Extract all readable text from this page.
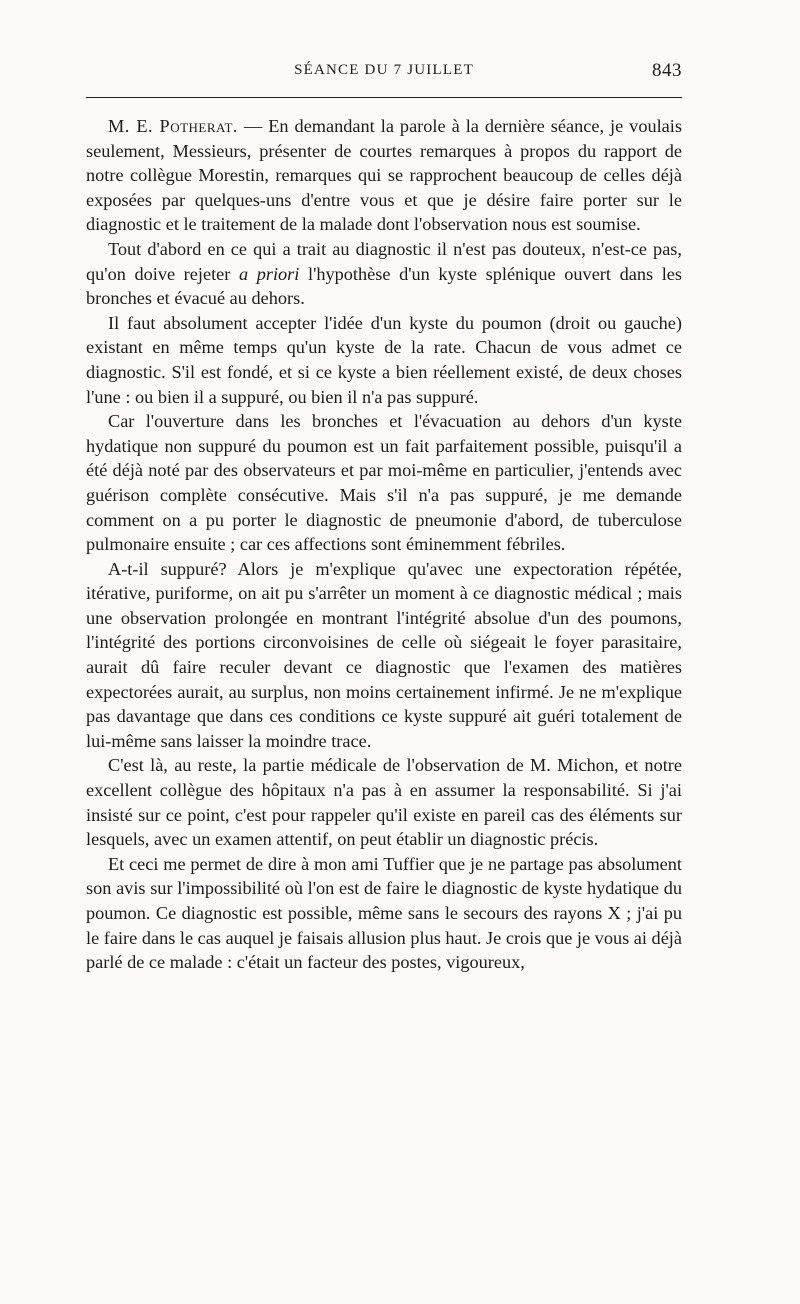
SÉANCE DU 7 JUILLET	843

M. E. Potherat. — En demandant la parole à la dernière séance, je voulais seulement, Messieurs, présenter de courtes remarques à propos du rapport de notre collègue Morestin, remarques qui se rapprochent beaucoup de celles déjà exposées par quelques-uns d'entre vous et que je désire faire porter sur le diagnostic et le traitement de la malade dont l'observation nous est soumise.

Tout d'abord en ce qui a trait au diagnostic il n'est pas douteux, n'est-ce pas, qu'on doive rejeter a priori l'hypothèse d'un kyste splénique ouvert dans les bronches et évacué au dehors.

Il faut absolument accepter l'idée d'un kyste du poumon (droit ou gauche) existant en même temps qu'un kyste de la rate. Chacun de vous admet ce diagnostic. S'il est fondé, et si ce kyste a bien réellement existé, de deux choses l'une : ou bien il a suppuré, ou bien il n'a pas suppuré.

Car l'ouverture dans les bronches et l'évacuation au dehors d'un kyste hydatique non suppuré du poumon est un fait parfaitement possible, puisqu'il a été déjà noté par des observateurs et par moi-même en particulier, j'entends avec guérison complète consécutive. Mais s'il n'a pas suppuré, je me demande comment on a pu porter le diagnostic de pneumonie d'abord, de tuberculose pulmonaire ensuite ; car ces affections sont éminemment fébriles.

A-t-il suppuré? Alors je m'explique qu'avec une expectoration répétée, itérative, puriforme, on ait pu s'arrêter un moment à ce diagnostic médical ; mais une observation prolongée en montrant l'intégrité absolue d'un des poumons, l'intégrité des portions circonvoisines de celle où siégeait le foyer parasitaire, aurait dû faire reculer devant ce diagnostic que l'examen des matières expectorées aurait, au surplus, non moins certainement infirmé. Je ne m'explique pas davantage que dans ces conditions ce kyste suppuré ait guéri totalement de lui-même sans laisser la moindre trace.

C'est là, au reste, la partie médicale de l'observation de M. Michon, et notre excellent collègue des hôpitaux n'a pas à en assumer la responsabilité. Si j'ai insisté sur ce point, c'est pour rappeler qu'il existe en pareil cas des éléments sur lesquels, avec un examen attentif, on peut établir un diagnostic précis.

Et ceci me permet de dire à mon ami Tuffier que je ne partage pas absolument son avis sur l'impossibilité où l'on est de faire le diagnostic de kyste hydatique du poumon. Ce diagnostic est possible, même sans le secours des rayons X ; j'ai pu le faire dans le cas auquel je faisais allusion plus haut. Je crois que je vous ai déjà parlé de ce malade : c'était un facteur des postes, vigoureux,
